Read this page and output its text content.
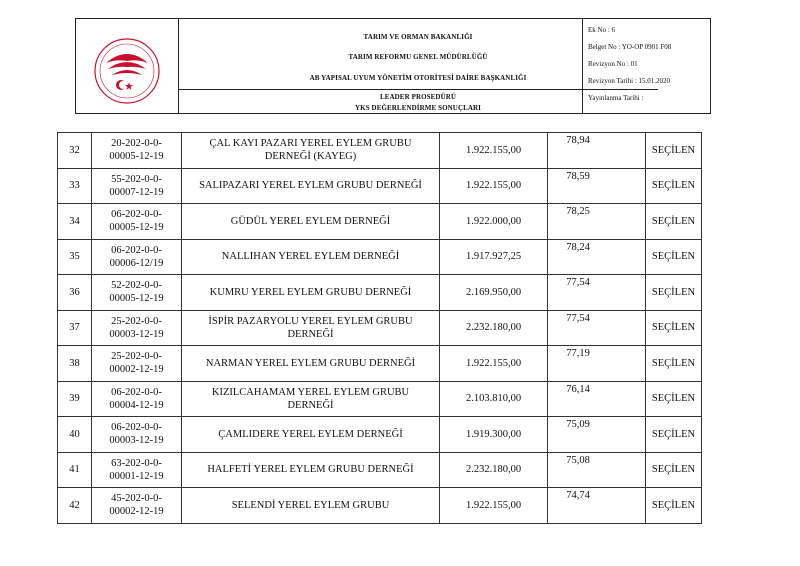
TARIM VE ORMAN BAKANLIĞI
TARIM REFORMU GENEL MÜDÜRLÜĞÜ
AB YAPISAL UYUM YÖNETİM OTORİTESİ DAİRE BAŞKANLIĞI
LEADER PROSEDÜRÜ
YKS DEĞERLENDİRME SONUÇLARI
Ek No : 6
Belget No : YO-OP 0901 F08
Revizyon No : 01
Revizyon Tarihi : 15.01.2020
Yayınlanma Tarihi :
32	20-202-0-0-
00005-12-19	ÇAL KAYI PAZARI YEREL EYLEM GRUBU
DERNEĞİ (KAYEG)	1.922.155,00	78,94	SEÇİLEN	
33	55-202-0-0-
00007-12-19	SALIPAZARI YEREL EYLEM GRUBU DERNEĞİ	1.922.155,00	78,59	SEÇİLEN	
34	06-202-0-0-
00005-12-19	GÜDÜL YEREL EYLEM DERNEĞİ	1.922.000,00	78,25	SEÇİLEN	
35	06-202-0-0-
00006-12/19	NALLIHAN YEREL EYLEM DERNEĞİ	1.917.927,25	78,24	SEÇİLEN	
36	52-202-0-0-
00005-12-19	KUMRU YEREL EYLEM GRUBU DERNEĞİ	2.169.950,00	77,54	SEÇİLEN	
37	25-202-0-0-
00003-12-19	İSPİR PAZARYOLU YEREL EYLEM GRUBU
DERNEĞİ	2.232.180,00	77,54	SEÇİLEN	
38	25-202-0-0-
00002-12-19	NARMAN YEREL EYLEM GRUBU DERNEĞİ	1.922.155,00	77,19	SEÇİLEN	
39	06-202-0-0-
00004-12-19	KIZILCAHAMAM YEREL EYLEM GRUBU
DERNEĞİ	2.103.810,00	76,14	SEÇİLEN	
40	06-202-0-0-
00003-12-19	ÇAMLIDERE YEREL EYLEM DERNEĞİ	1.919.300,00	75,09	SEÇİLEN	
41	63-202-0-0-
00001-12-19	HALFETİ YEREL EYLEM GRUBU DERNEĞİ	2.232.180,00	75,08	SEÇİLEN	
42	45-202-0-0-
00002-12-19	SELENDİ YEREL EYLEM GRUBU	1.922.155,00	74,74	SEÇİLEN	
